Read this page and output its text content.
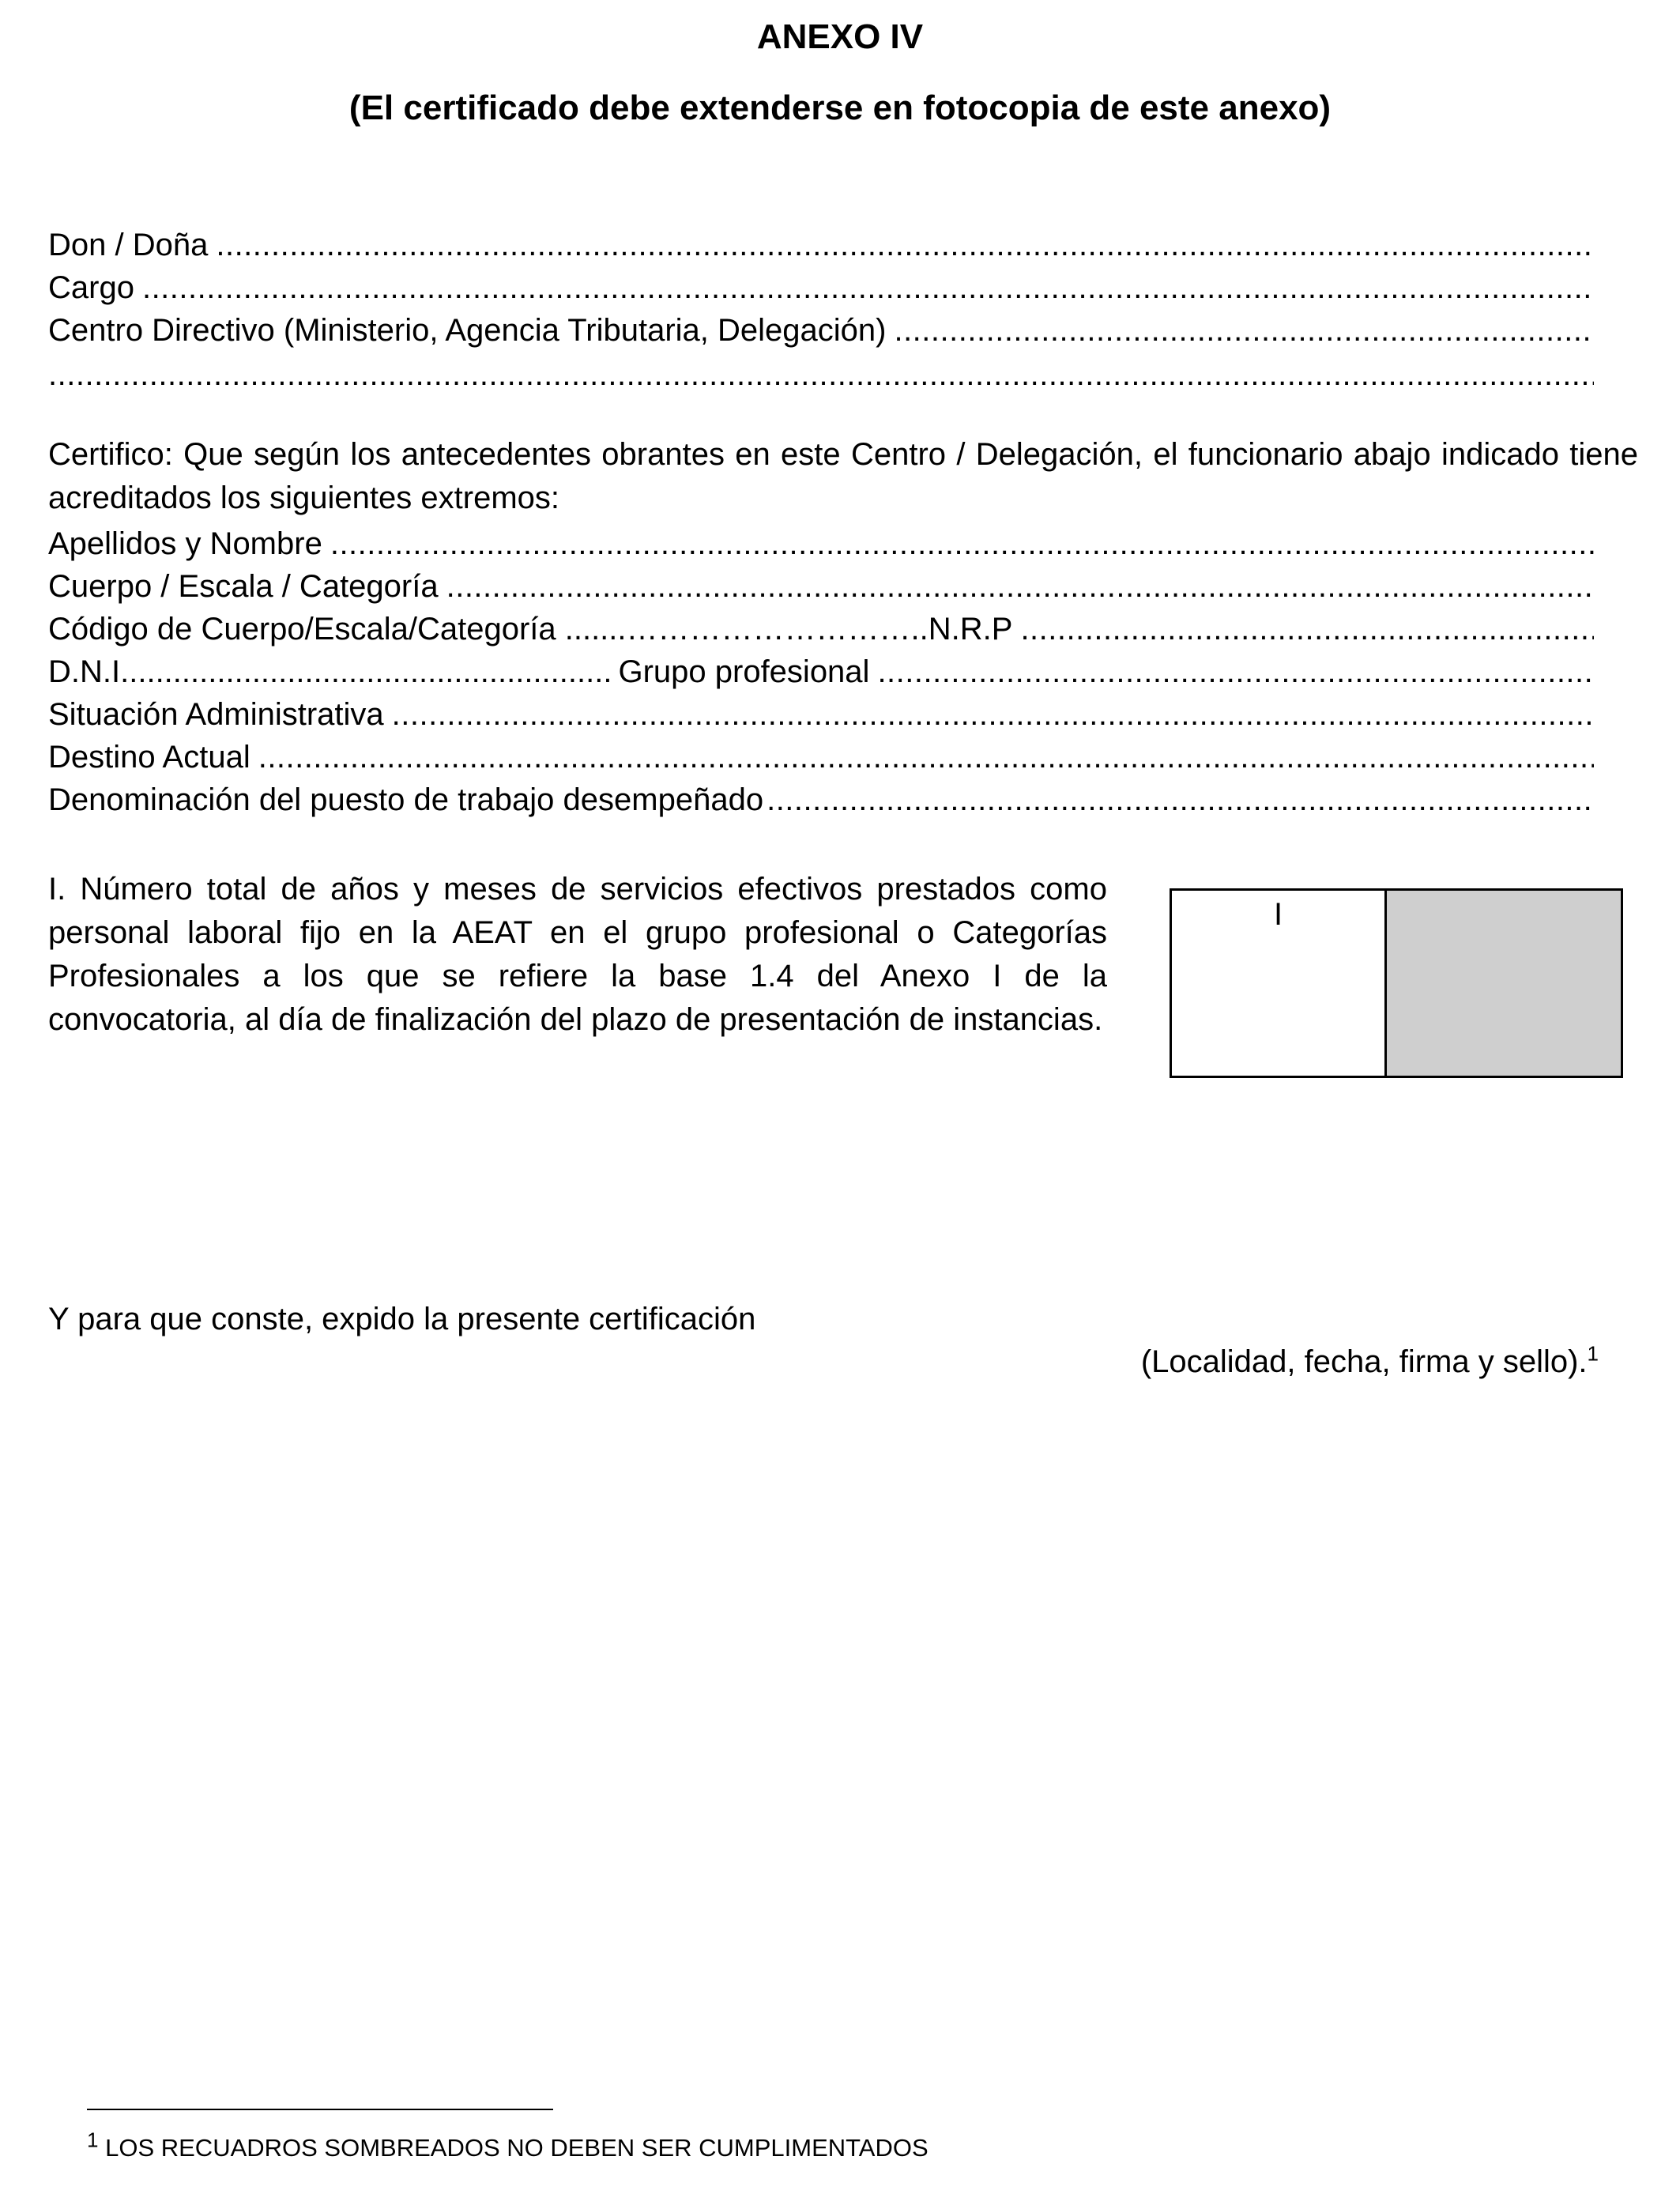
ANEXO IV
(El certificado debe extenderse en fotocopia de este anexo)
Don / Doña
.....
Cargo
.....
Centro Directivo (Ministerio, Agencia Tributaria, Delegación)
.....
.....
Certifico: Que según los antecedentes obrantes en este Centro / Delegación, el funcionario abajo indicado tiene acreditados los siguientes extremos:
Apellidos y Nombre
.....
Cuerpo / Escala / Categoría
.....
Código de Cuerpo/Escala/Categoría .......………………………..N.R.P
.....
D.N.I........................................................ Grupo profesional
.....
Situación Administrativa
.....
Destino Actual
.....
Denominación del puesto de trabajo desempeñado
.....
I. Número total de años y meses de servicios efectivos prestados como personal laboral fijo en la AEAT en el grupo profesional o Categorías Profesionales a los que se refiere la base 1.4 del Anexo I de la convocatoria, al día de finalización del plazo de presentación de instancias.
I
Y para que conste, expido la presente certificación
(Localidad, fecha, firma y sello).$^1$
$^1$ LOS RECUADROS SOMBREADOS NO DEBEN SER CUMPLIMENTADOS
